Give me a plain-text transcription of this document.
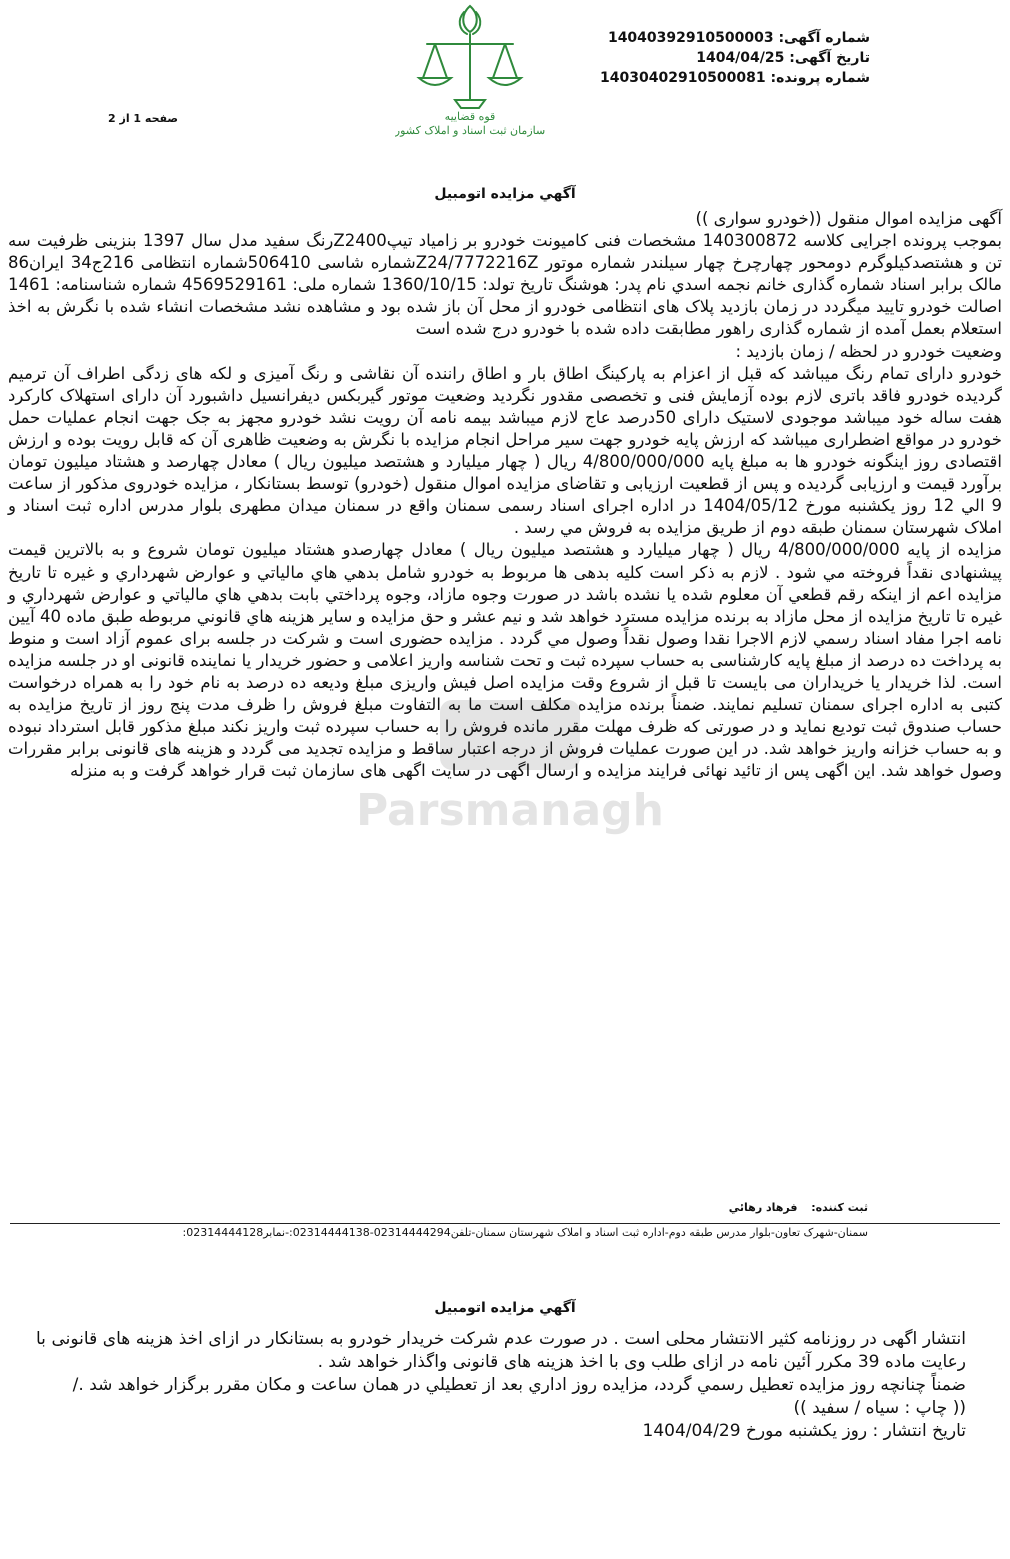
شماره آگهی: 14040392910500003
تاریخ آگهی: 1404/04/25
شماره پرونده: 14030402910500081
قوه قضاییه
سازمان ثبت اسناد و املاک کشور
صفحه 1 از 2
Parsmanagh
آگهي مزايده اتومبيل

آگهی مزایده اموال منقول ((خودرو سواری ))

بموجب پرونده اجرایی کلاسه 140300872 مشخصات فنی کامیونت خودرو بر زامیاد تیپZ2400رنگ سفید مدل سال 1397 بنزینی ظرفیت سه تن و هشتصدکیلوگرم دومحور چهارچرخ چهار سیلندر شماره موتور Z24/7772216Zشماره شاسی 506410شماره انتظامی 216ج34 ایران86 مالک برابر اسناد شماره گذاری خانم نجمه اسدي نام پدر: هوشنگ تاریخ تولد: 1360/10/15 شماره ملی: 4569529161 شماره شناسنامه: 1461 اصالت خودرو تایید میگردد در زمان بازدید پلاک های انتظامی خودرو از محل آن باز شده بود و مشاهده نشد مشخصات انشاء شده با نگرش به اخذ استعلام بعمل آمده از شماره گذاری راهور مطابقت داده شده با خودرو درج شده است

وضعیت خودرو در لحظه / زمان بازدید :

خودرو دارای تمام رنگ میباشد که قبل از اعزام به پارکینگ اطاق بار و اطاق راننده آن نقاشی و رنگ آمیزی و لکه های زدگی اطراف آن ترمیم گردیده خودرو فاقد باتری لازم بوده آزمایش فنی و تخصصی مقدور نگردید وضعیت موتور گیربکس دیفرانسیل داشبورد آن دارای استهلاک کارکرد هفت ساله خود میباشد موجودی لاستیک دارای 50درصد عاج لازم میباشد بیمه نامه آن رویت نشد خودرو مجهز به جک جهت انجام عملیات حمل خودرو در مواقع اضطراری میباشد که ارزش پایه خودرو جهت سیر مراحل انجام مزایده با نگرش به وضعیت ظاهری آن که قابل رویت بوده و ارزش اقتصادی روز اینگونه خودرو ها به مبلغ پایه 4/800/000/000 ریال ( چهار میلیارد و هشتصد میلیون ریال ) معادل چهارصد و هشتاد میلیون تومان برآورد قیمت و ارزیابی گردیده و پس از قطعیت ارزیابی و تقاضای مزایده اموال منقول (خودرو) توسط بستانکار ، مزایده خودروی مذکور از ساعت 9 الي 12 روز یکشنبه مورخ 1404/05/12 در اداره اجرای اسناد رسمی سمنان واقع در سمنان میدان مطهری بلوار مدرس اداره ثبت اسناد و املاک شهرستان سمنان طبقه دوم از طریق مزایده به فروش مي رسد .

مزایده از پایه 4/800/000/000 ریال ( چهار میلیارد و هشتصد میلیون ریال ) معادل چهارصدو هشتاد میلیون تومان شروع و به بالاترین قیمت پیشنهادی نقداً فروخته مي شود . لازم به ذکر است کلیه بدهی ها مربوط به خودرو شامل بدهي هاي مالياتي و عوارض شهرداري و غيره تا تاريخ مزايده اعم از اينکه رقم قطعي آن معلوم شده يا نشده باشد در صورت وجوه مازاد، وجوه پرداختي بابت بدهي هاي مالياتي و عوارض شهرداري و غيره تا تاريخ مزايده از محل مازاد به برنده مزايده مسترد خواهد شد و نيم عشر و حق مزايده و ساير هزينه هاي قانوني مربوطه طبق ماده 40 آيين نامه اجرا مفاد اسناد رسمي لازم الاجرا نقدا وصول نقداً وصول مي گردد . مزايده حضوری است و شرکت در جلسه برای عموم آزاد است و منوط به پرداخت ده درصد از مبلغ پايه کارشناسی به حساب سپرده ثبت و تحت شناسه واريز اعلامی و حضور خريدار يا نماينده قانونی او در جلسه مزايده است. لذا خريدار يا خريداران می بايست تا قبل از شروع وقت مزايده اصل فيش واريزی مبلغ وديعه ده درصد به نام خود را به همراه درخواست کتبی به اداره اجرای سمنان تسليم نمايند. ضمناً برنده مزايده مکلف است ما به التفاوت مبلغ فروش را ظرف مدت پنج روز از تاريخ مزايده به حساب صندوق ثبت توديع نمايد و در صورتی که ظرف مهلت مقرر مانده فروش را به حساب سپرده ثبت واريز نکند مبلغ مذکور قابل استرداد نبوده و به حساب خزانه واريز خواهد شد. در اين صورت عمليات فروش از درجه اعتبار ساقط و مزايده تجديد می گردد و هزينه های قانونی برابر مقررات وصول خواهد شد. اين اگهی پس از تائيد نهائی فرايند مزايده و ارسال اگهی در سايت اگهی های سازمان ثبت قرار خواهد گرفت و به منزله

ثبت کننده: فرهاد رهائي
سمنان-شهرک تعاون-بلوار مدرس طبقه دوم-اداره ثبت اسناد و املاک شهرستان سمنان-تلفن02314444294-02314444138:-نمابر02314444128:
آگهي مزايده اتومبيل

انتشار اگهی در روزنامه کثیر الانتشار محلی است . در صورت عدم شرکت خریدار خودرو به بستانکار در ازای اخذ هزینه های قانونی با رعایت ماده 39 مکرر آئین نامه در ازای طلب وی با اخذ هزینه های قانونی واگذار خواهد شد .

ضمناً چنانچه روز مزايده تعطيل رسمي گردد، مزايده روز اداري بعد از تعطيلي در همان ساعت و مکان مقرر برگزار خواهد شد ./

(( چاپ : سیاه / سفید ))

تاریخ انتشار : روز یکشنبه مورخ 1404/04/29
